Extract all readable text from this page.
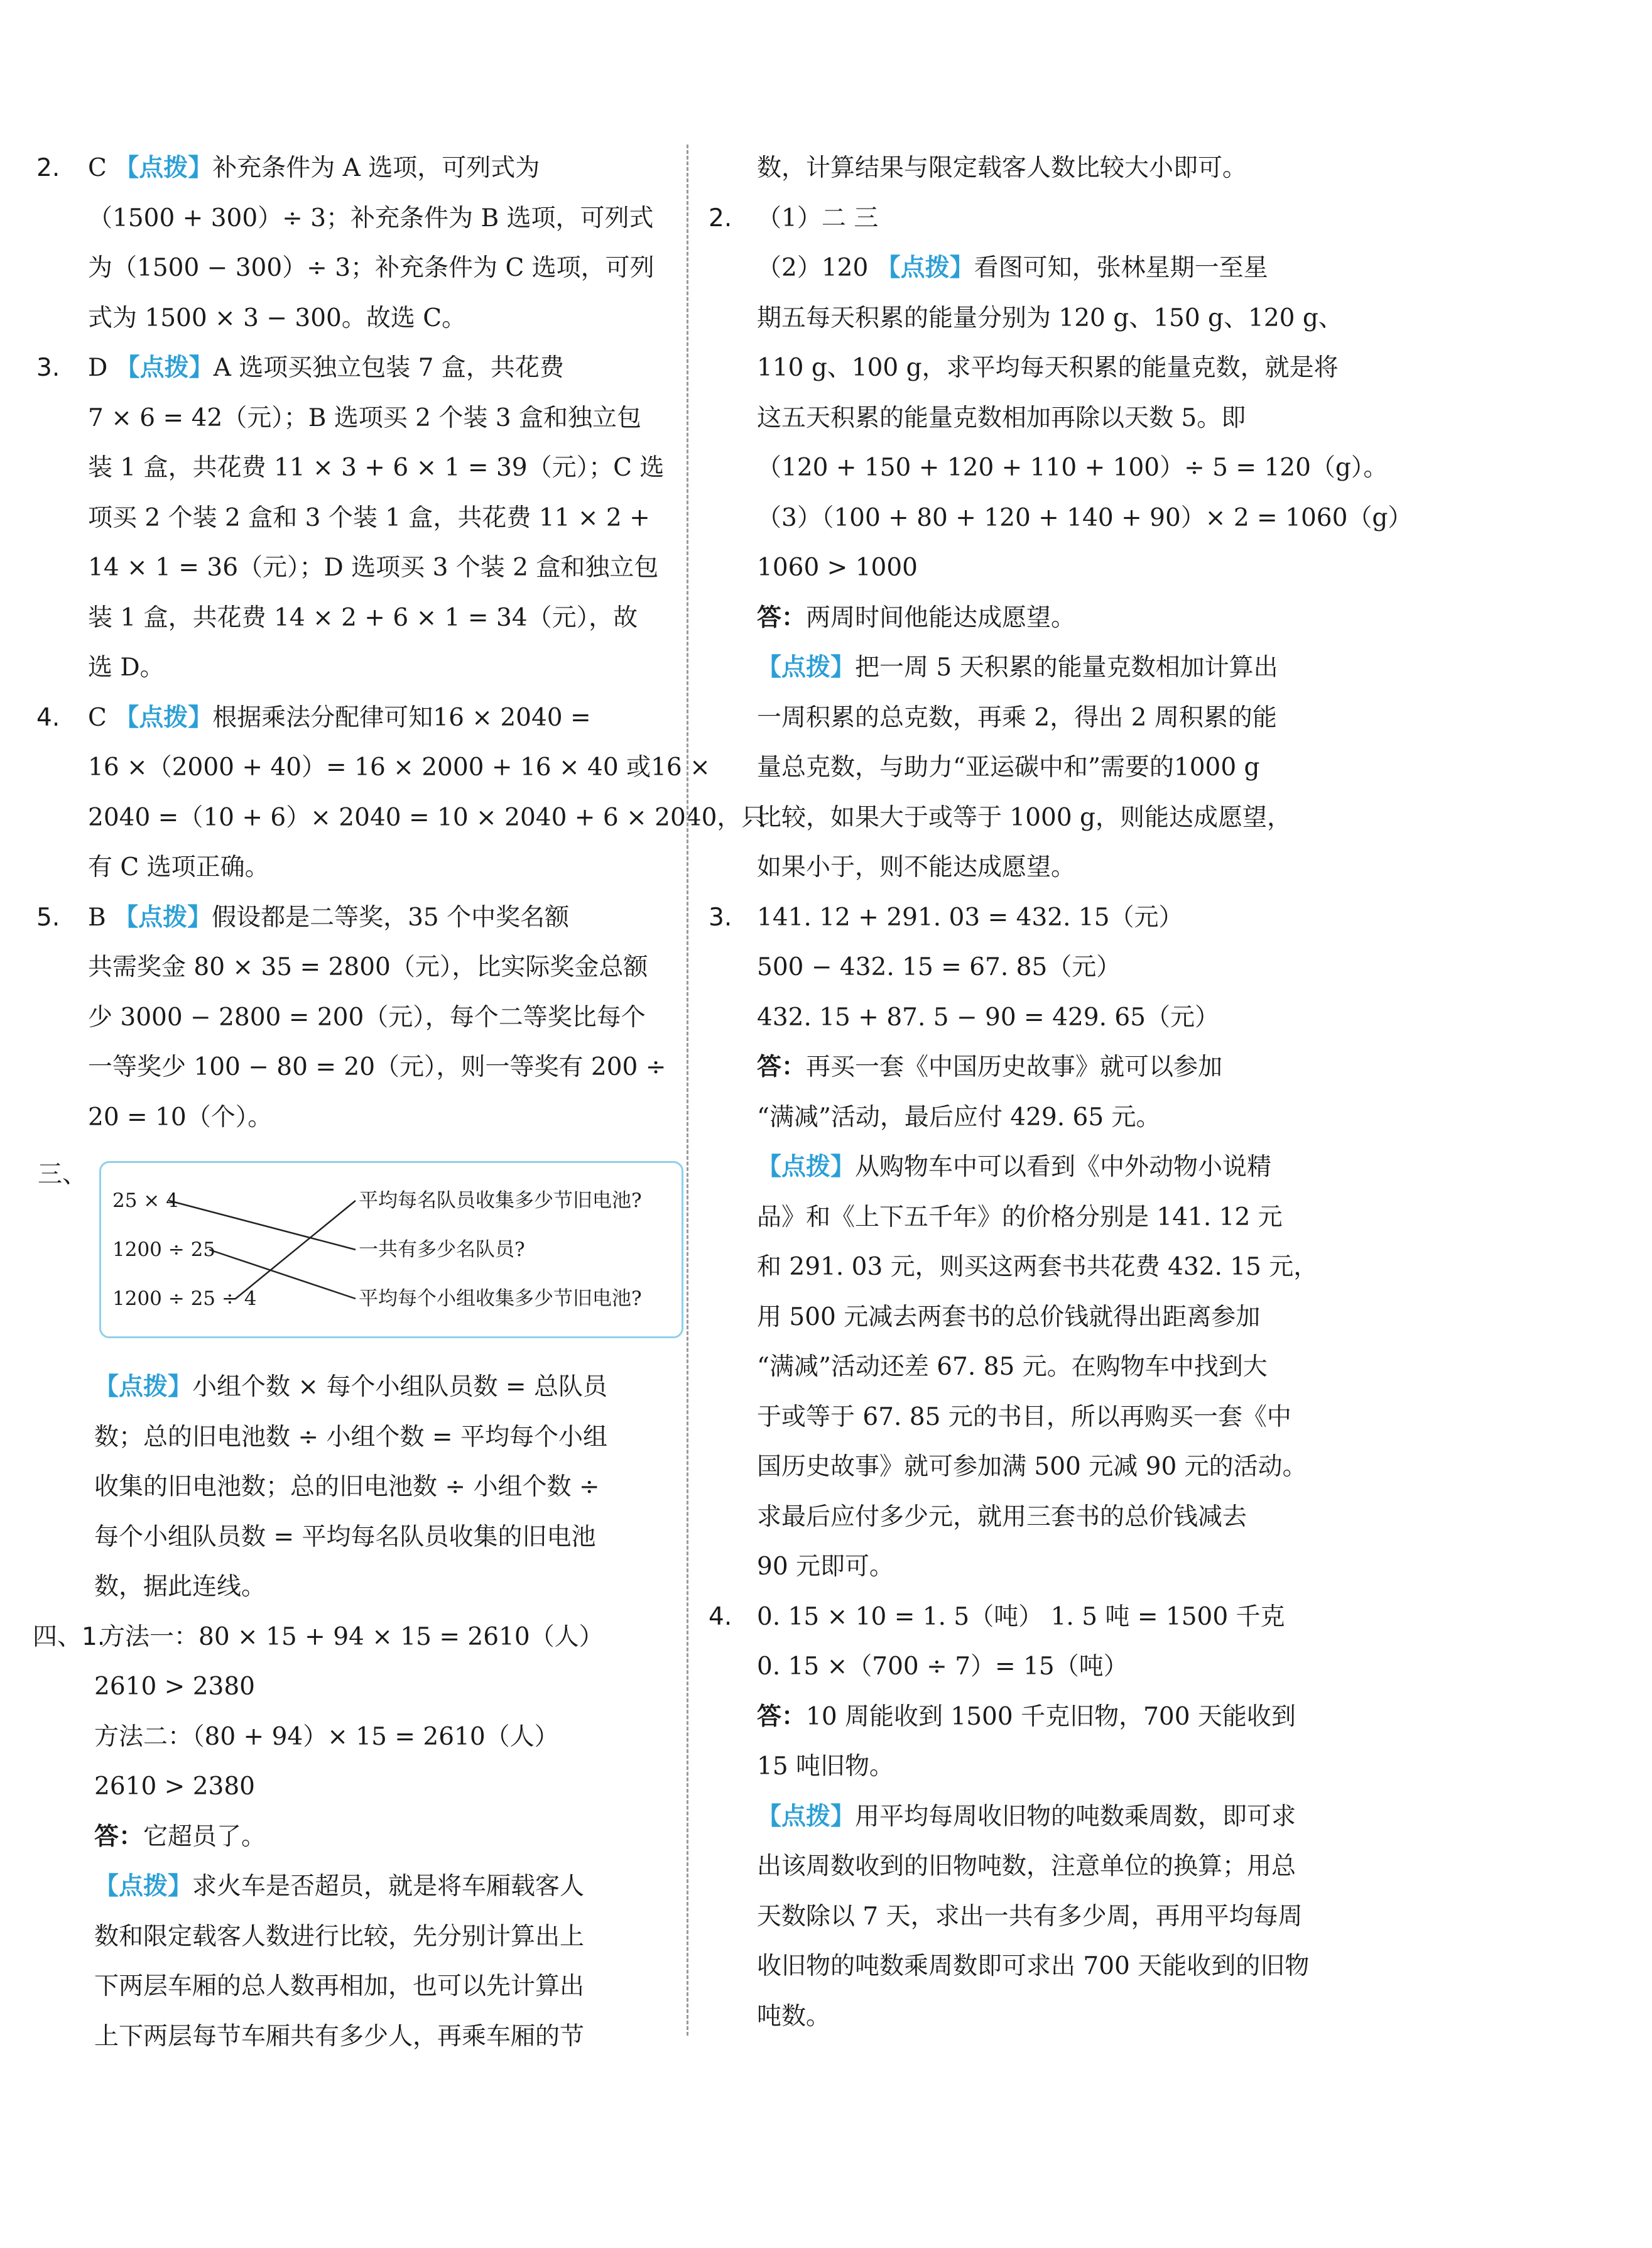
2. C 【点拨】补充条件为 A 选项，可列式为
（1500 + 300）÷ 3；补充条件为 B 选项，可列式
为（1500 − 300）÷ 3；补充条件为 C 选项，可列
式为 1500 × 3 − 300。故选 C。
3. D 【点拨】A 选项买独立包装 7 盒，共花费
7 × 6 = 42（元）；B 选项买 2 个装 3 盒和独立包
装 1 盒，共花费 11 × 3 + 6 × 1 = 39（元）；C 选
项买 2 个装 2 盒和 3 个装 1 盒，共花费 11 × 2 +
14 × 1 = 36（元）；D 选项买 3 个装 2 盒和独立包
装 1 盒，共花费 14 × 2 + 6 × 1 = 34（元），故
选 D。
4. C 【点拨】根据乘法分配律可知16 × 2040 =
16 ×（2000 + 40）= 16 × 2000 + 16 × 40 或16 ×
2040 =（10 + 6）× 2040 = 10 × 2040 + 6 × 2040，只
有 C 选项正确。
5. B 【点拨】假设都是二等奖，35 个中奖名额
共需奖金 80 × 35 = 2800（元），比实际奖金总额
少 3000 − 2800 = 200（元），每个二等奖比每个
一等奖少 100 − 80 = 20（元），则一等奖有 200 ÷
20 = 10（个）。
【点拨】小组个数 × 每个小组队员数 = 总队员
数；总的旧电池数 ÷ 小组个数 = 平均每个小组
收集的旧电池数；总的旧电池数 ÷ 小组个数 ÷
每个小组队员数 = 平均每名队员收集的旧电池
数，据此连线。
四、1.
方法一：80 × 15 + 94 × 15 = 2610（人）
2610 > 2380
方法二：（80 + 94）× 15 = 2610（人）
2610 > 2380
答：它超员了。
【点拨】求火车是否超员，就是将车厢载客人
数和限定载客人数进行比较，先分别计算出上
下两层车厢的总人数再相加，也可以先计算出
上下两层每节车厢共有多少人，再乘车厢的节
数，计算结果与限定载客人数比较大小即可。
2. （1）二 三
（2）120 【点拨】看图可知，张林星期一至星
期五每天积累的能量分别为 120 g、150 g、120 g、
110 g、100 g，求平均每天积累的能量克数，就是将
这五天积累的能量克数相加再除以天数 5。即
（120 + 150 + 120 + 110 + 100）÷ 5 = 120（g）。
（3）（100 + 80 + 120 + 140 + 90）× 2 = 1060（g）
1060 > 1000
答：两周时间他能达成愿望。
【点拨】把一周 5 天积累的能量克数相加计算出
一周积累的总克数，再乘 2，得出 2 周积累的能
量总克数，与助力“亚运碳中和”需要的1000 g
比较，如果大于或等于 1000 g，则能达成愿望，
如果小于，则不能达成愿望。
3. 141. 12 + 291. 03 = 432. 15（元）
500 − 432. 15 = 67. 85（元）
432. 15 + 87. 5 − 90 = 429. 65（元）
答：再买一套《中国历史故事》就可以参加
“满减”活动，最后应付 429. 65 元。
【点拨】从购物车中可以看到《中外动物小说精
品》和《上下五千年》的价格分别是 141. 12 元
和 291. 03 元，则买这两套书共花费 432. 15 元，
用 500 元减去两套书的总价钱就得出距离参加
“满减”活动还差 67. 85 元。在购物车中找到大
于或等于 67. 85 元的书目，所以再购买一套《中
国历史故事》就可参加满 500 元减 90 元的活动。
求最后应付多少元，就用三套书的总价钱减去
90 元即可。
4. 0. 15 × 10 = 1. 5（吨） 1. 5 吨 = 1500 千克
0. 15 ×（700 ÷ 7）= 15（吨）
答：10 周能收到 1500 千克旧物，700 天能收到
15 吨旧物。
【点拨】用平均每周收旧物的吨数乘周数，即可求
出该周数收到的旧物吨数，注意单位的换算；用总
天数除以 7 天，求出一共有多少周，再用平均每周
收旧物的吨数乘周数即可求出 700 天能收到的旧物
吨数。
25 × 4
1200 ÷ 25
1200 ÷ 25 ÷ 4
平均每名队员收集多少节旧电池?
一共有多少名队员?
平均每个小组收集多少节旧电池?
三、
